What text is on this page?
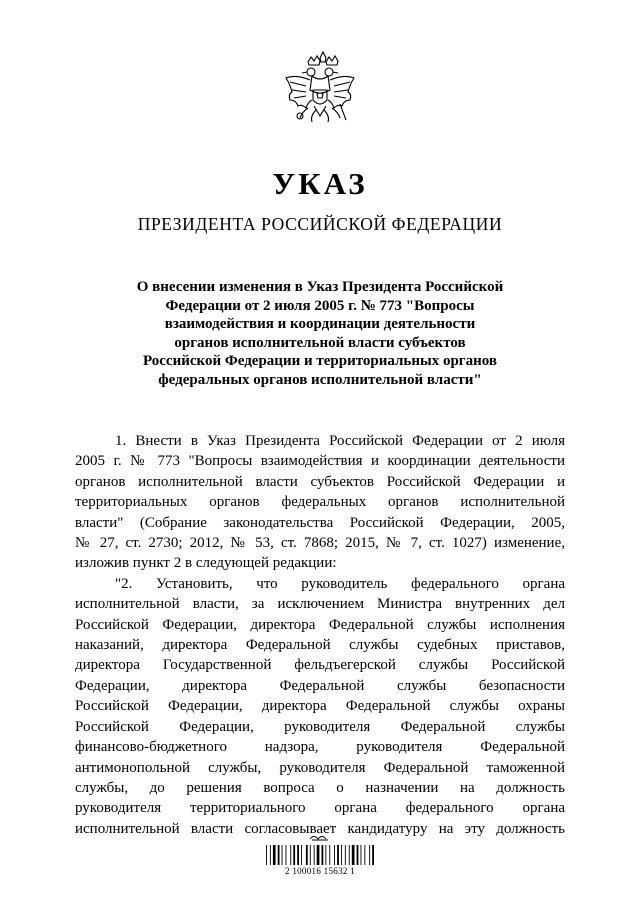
УКАЗ
ПРЕЗИДЕНТА РОССИЙСКОЙ ФЕДЕРАЦИИ
О внесении изменения в Указ Президента Российской
Федерации от 2 июля 2005 г. № 773 "Вопросы
взаимодействия и координации деятельности
органов исполнительной власти субъектов
Российской Федерации и территориальных органов
федеральных органов исполнительной власти"
1. Внести в Указ Президента Российской Федерации от 2 июля
2005 г. № 773 "Вопросы взаимодействия и координации деятельности
органов исполнительной власти субъектов Российской Федерации и
территориальных органов федеральных органов исполнительной
власти" (Собрание законодательства Российской Федерации, 2005,
№ 27, ст. 2730; 2012, № 53, ст. 7868; 2015, № 7, ст. 1027) изменение,
изложив пункт 2 в следующей редакции:
"2. Установить, что руководитель федерального органа
исполнительной власти, за исключением Министра внутренних дел
Российской Федерации, директора Федеральной службы исполнения
наказаний, директора Федеральной службы судебных приставов,
директора Государственной фельдъегерской службы Российской
Федерации, директора Федеральной службы безопасности
Российской Федерации, директора Федеральной службы охраны
Российской Федерации, руководителя Федеральной службы
финансово-бюджетного надзора, руководителя Федеральной
антимонопольной службы, руководителя Федеральной таможенной
службы, до решения вопроса о назначении на должность
руководителя территориального органа федерального органа
исполнительной власти согласовывает кандидатуру на эту должность
2 100016 15632 1
